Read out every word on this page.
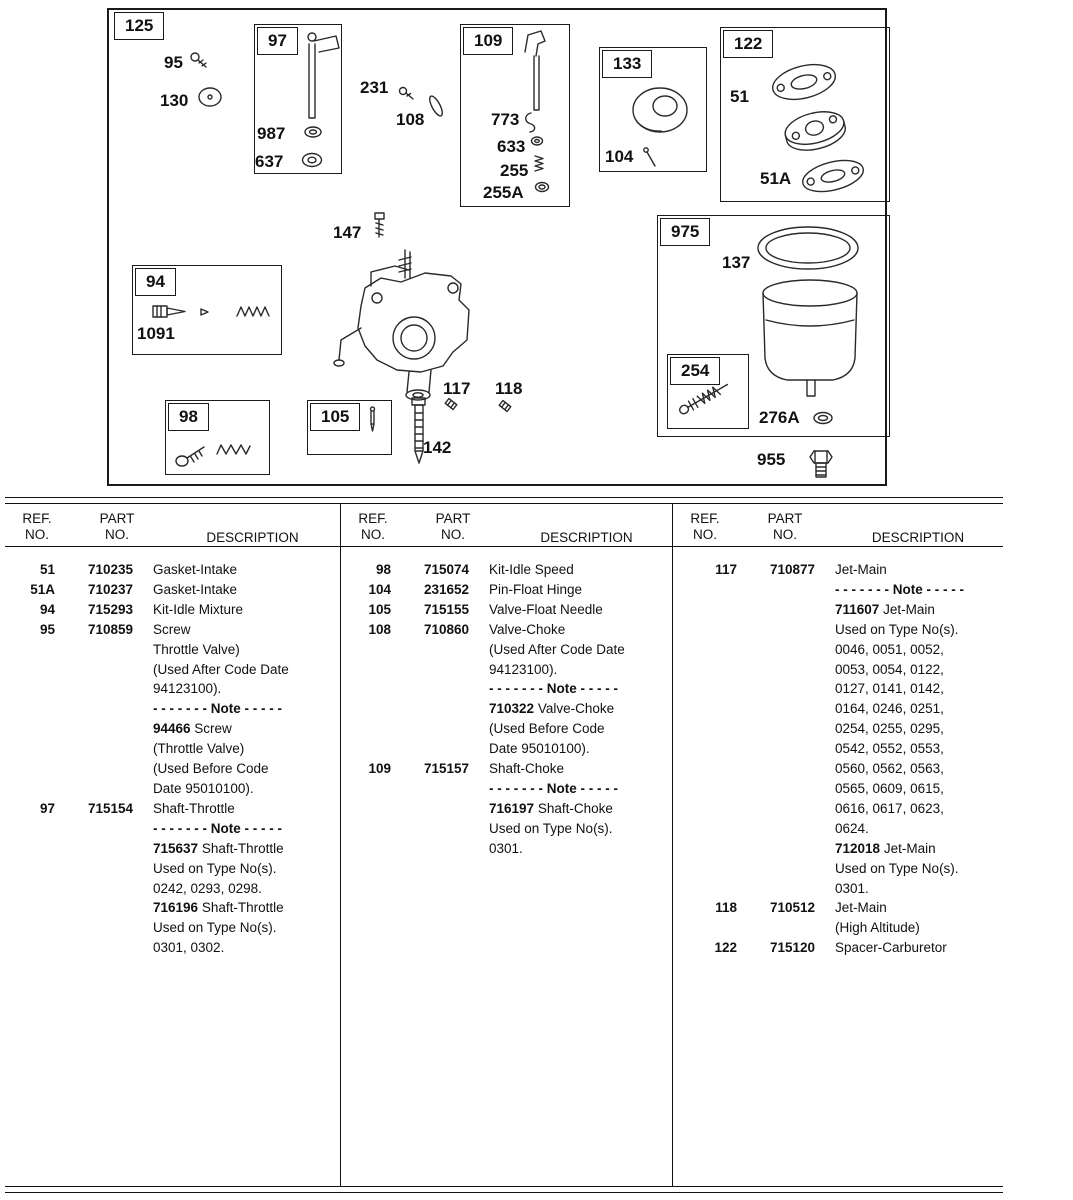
97	109
133
122
94
98	105
975
254
125
95
130
987
637
231
108	773
633
255
255A
104
51
51A
147
1091
117 118
142
137
276A
955
REF.
NO.
PART
NO.	DESCRIPTION
51	710235	Gasket-Intake
51A	710237	Gasket-Intake
94	715293	Kit-Idle Mixture
95	710859	Screw
Throttle Valve)
(Used After Code Date
94123100).
- - - - - - - Note - - - - -
94466 Screw
(Throttle Valve)
(Used Before Code
Date 95010100).
97	715154	Shaft-Throttle
- - - - - - - Note - - - - -
715637 Shaft-Throttle
Used on Type No(s).
0242, 0293, 0298.
716196 Shaft-Throttle
Used on Type No(s).
0301, 0302.
REF.
NO.
PART
NO.	DESCRIPTION
98	715074	Kit-Idle Speed
104	231652	Pin-Float Hinge
105	715155	Valve-Float Needle
108	710860	Valve-Choke
(Used After Code Date
94123100).
- - - - - - - Note - - - - -
710322 Valve-Choke
(Used Before Code
Date 95010100).
109	715157	Shaft-Choke
- - - - - - - Note - - - - -
716197 Shaft-Choke
Used on Type No(s).
0301.
REF.
NO.
PART
NO.	DESCRIPTION
117	710877	Jet-Main
- - - - - - - Note - - - - -
711607 Jet-Main
Used on Type No(s).
0046, 0051, 0052,
0053, 0054, 0122,
0127, 0141, 0142,
0164, 0246, 0251,
0254, 0255, 0295,
0542, 0552, 0553,
0560, 0562, 0563,
0565, 0609, 0615,
0616, 0617, 0623,
0624.
712018 Jet-Main
Used on Type No(s).
0301.
118	710512	Jet-Main
(High Altitude)
122	715120	Spacer-Carburetor
